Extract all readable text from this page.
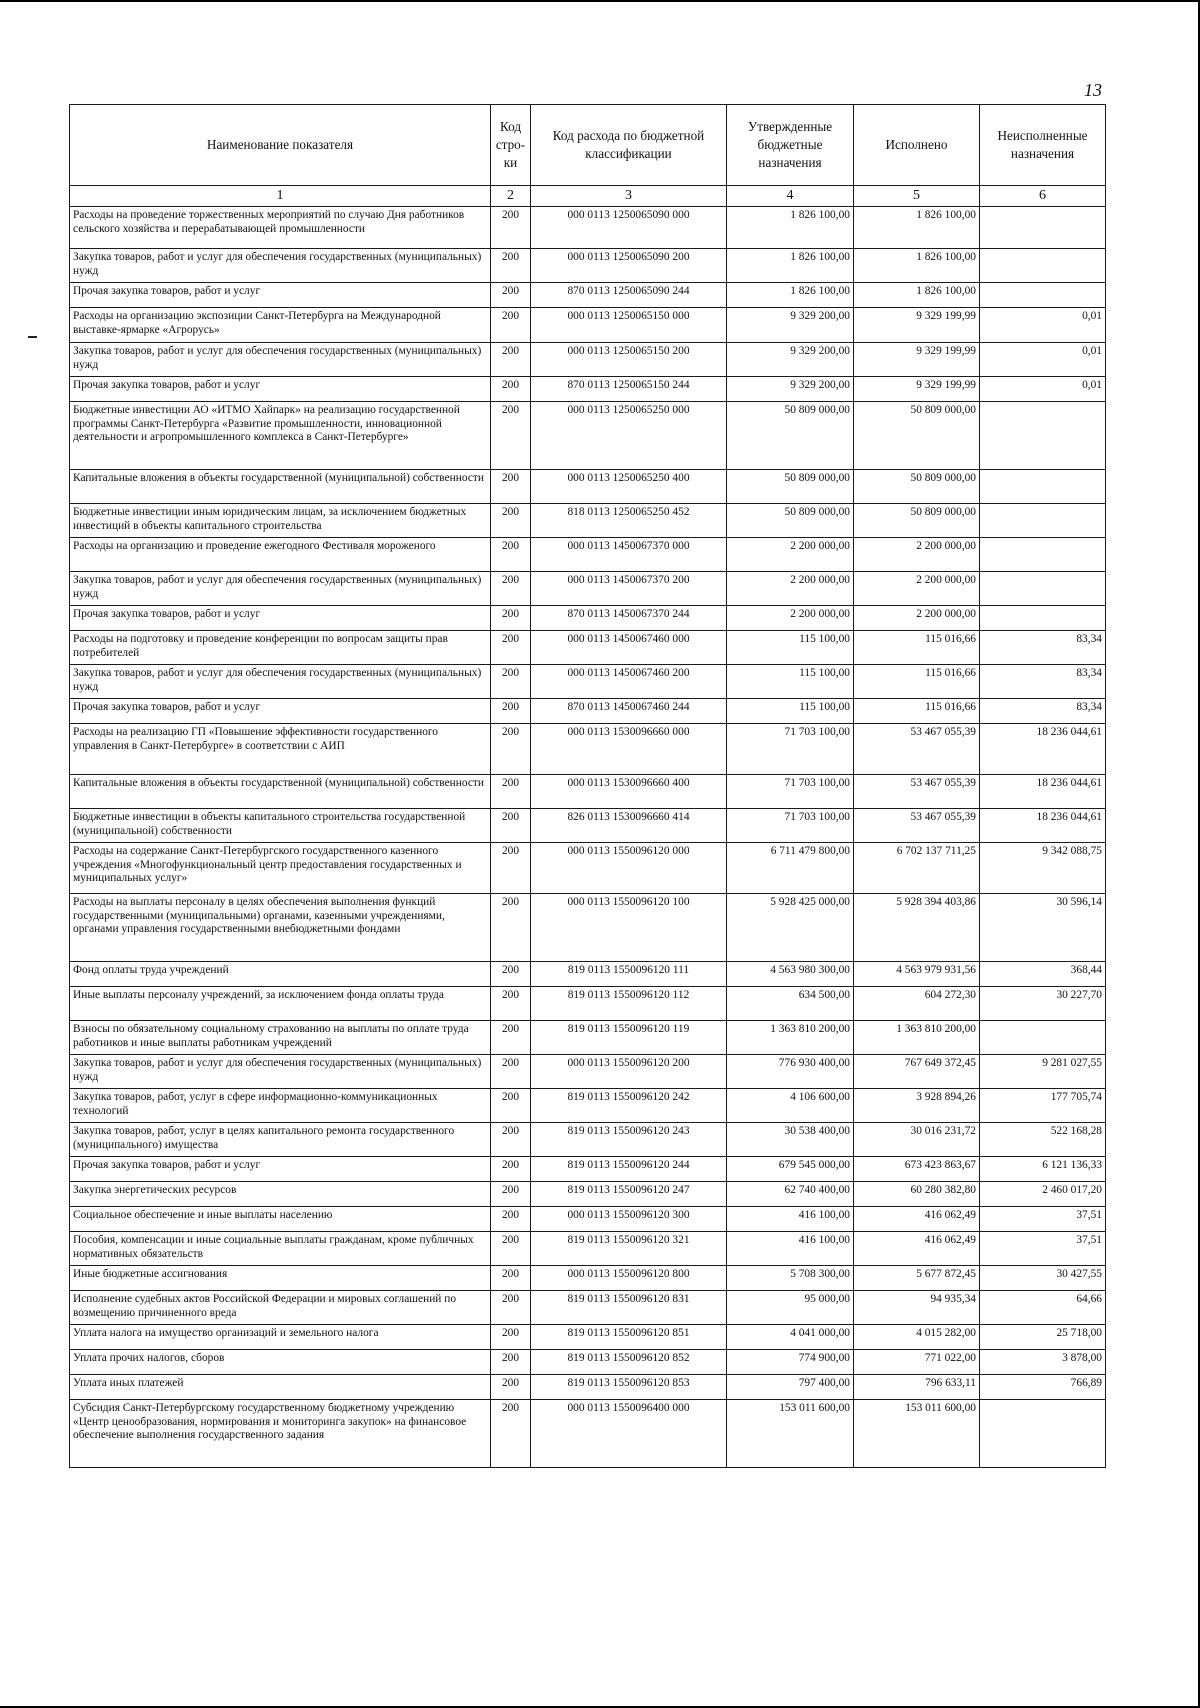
13
Наименование показателя	Код стро-ки	Код расхода по бюджетной классификации	Утвержденные бюджетные назначения	Исполнено	Неисполненные назначения
1	2	3	4	5	6
Расходы на проведение торжественных мероприятий по случаю Дня работников сельского хозяйства и перерабатывающей промышленности	200	000 0113 1250065090 000	1 826 100,00	1 826 100,00	
Закупка товаров, работ и услуг для обеспечения государственных (муниципальных) нужд	200	000 0113 1250065090 200	1 826 100,00	1 826 100,00	
Прочая закупка товаров, работ и услуг	200	870 0113 1250065090 244	1 826 100,00	1 826 100,00	
Расходы на организацию экспозиции Санкт-Петербурга на Международной выставке-ярмарке «Агрорусь»	200	000 0113 1250065150 000	9 329 200,00	9 329 199,99	0,01
Закупка товаров, работ и услуг для обеспечения государственных (муниципальных) нужд	200	000 0113 1250065150 200	9 329 200,00	9 329 199,99	0,01
Прочая закупка товаров, работ и услуг	200	870 0113 1250065150 244	9 329 200,00	9 329 199,99	0,01
Бюджетные инвестиции АО «ИТМО Хайпарк» на реализацию государственной программы Санкт-Петербурга «Развитие промышленности, инновационной деятельности и агропромышленного комплекса в Санкт-Петербурге»	200	000 0113 1250065250 000	50 809 000,00	50 809 000,00	
Капитальные вложения в объекты государственной (муниципальной) собственности	200	000 0113 1250065250 400	50 809 000,00	50 809 000,00	
Бюджетные инвестиции иным юридическим лицам, за исключением бюджетных инвестиций в объекты капитального строительства	200	818 0113 1250065250 452	50 809 000,00	50 809 000,00	
Расходы на организацию и проведение ежегодного Фестиваля мороженого	200	000 0113 1450067370 000	2 200 000,00	2 200 000,00	
Закупка товаров, работ и услуг для обеспечения государственных (муниципальных) нужд	200	000 0113 1450067370 200	2 200 000,00	2 200 000,00	
Прочая закупка товаров, работ и услуг	200	870 0113 1450067370 244	2 200 000,00	2 200 000,00	
Расходы на подготовку и проведение конференции по вопросам защиты прав потребителей	200	000 0113 1450067460 000	115 100,00	115 016,66	83,34
Закупка товаров, работ и услуг для обеспечения государственных (муниципальных) нужд	200	000 0113 1450067460 200	115 100,00	115 016,66	83,34
Прочая закупка товаров, работ и услуг	200	870 0113 1450067460 244	115 100,00	115 016,66	83,34
Расходы на реализацию ГП «Повышение эффективности государственного управления в Санкт-Петербурге» в соответствии с АИП	200	000 0113 1530096660 000	71 703 100,00	53 467 055,39	18 236 044,61
Капитальные вложения в объекты государственной (муниципальной) собственности	200	000 0113 1530096660 400	71 703 100,00	53 467 055,39	18 236 044,61
Бюджетные инвестиции в объекты капитального строительства государственной (муниципальной) собственности	200	826 0113 1530096660 414	71 703 100,00	53 467 055,39	18 236 044,61
Расходы на содержание Санкт-Петербургского государственного казенного учреждения «Многофункциональный центр предоставления государственных и муниципальных услуг»	200	000 0113 1550096120 000	6 711 479 800,00	6 702 137 711,25	9 342 088,75
Расходы на выплаты персоналу в целях обеспечения выполнения функций государственными (муниципальными) органами, казенными учреждениями, органами управления государственными внебюджетными фондами	200	000 0113 1550096120 100	5 928 425 000,00	5 928 394 403,86	30 596,14
Фонд оплаты труда учреждений	200	819 0113 1550096120 111	4 563 980 300,00	4 563 979 931,56	368,44
Иные выплаты персоналу учреждений, за исключением фонда оплаты труда	200	819 0113 1550096120 112	634 500,00	604 272,30	30 227,70
Взносы по обязательному социальному страхованию на выплаты по оплате труда работников и иные выплаты работникам учреждений	200	819 0113 1550096120 119	1 363 810 200,00	1 363 810 200,00	
Закупка товаров, работ и услуг для обеспечения государственных (муниципальных) нужд	200	000 0113 1550096120 200	776 930 400,00	767 649 372,45	9 281 027,55
Закупка товаров, работ, услуг в сфере информационно-коммуникационных технологий	200	819 0113 1550096120 242	4 106 600,00	3 928 894,26	177 705,74
Закупка товаров, работ, услуг в целях капитального ремонта государственного (муниципального) имущества	200	819 0113 1550096120 243	30 538 400,00	30 016 231,72	522 168,28
Прочая закупка товаров, работ и услуг	200	819 0113 1550096120 244	679 545 000,00	673 423 863,67	6 121 136,33
Закупка энергетических ресурсов	200	819 0113 1550096120 247	62 740 400,00	60 280 382,80	2 460 017,20
Социальное обеспечение и иные выплаты населению	200	000 0113 1550096120 300	416 100,00	416 062,49	37,51
Пособия, компенсации и иные социальные выплаты гражданам, кроме публичных нормативных обязательств	200	819 0113 1550096120 321	416 100,00	416 062,49	37,51
Иные бюджетные ассигнования	200	000 0113 1550096120 800	5 708 300,00	5 677 872,45	30 427,55
Исполнение судебных актов Российской Федерации и мировых соглашений по возмещению причиненного вреда	200	819 0113 1550096120 831	95 000,00	94 935,34	64,66
Уплата налога на имущество организаций и земельного налога	200	819 0113 1550096120 851	4 041 000,00	4 015 282,00	25 718,00
Уплата прочих налогов, сборов	200	819 0113 1550096120 852	774 900,00	771 022,00	3 878,00
Уплата иных платежей	200	819 0113 1550096120 853	797 400,00	796 633,11	766,89
Субсидия Санкт-Петербургскому государственному бюджетному учреждению «Центр ценообразования, нормирования и мониторинга закупок» на финансовое обеспечение выполнения государственного задания	200	000 0113 1550096400 000	153 011 600,00	153 011 600,00	
